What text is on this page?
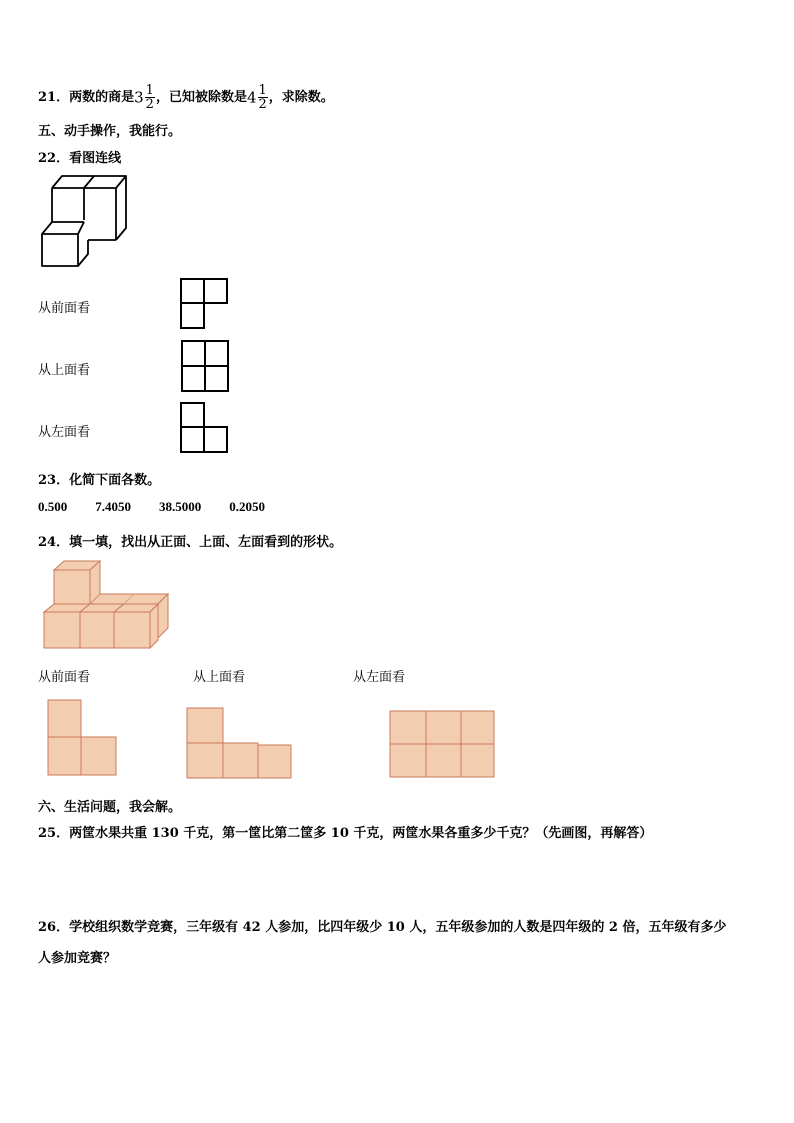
21．两数的商是$3 \frac{1}{2}$ ，已知被除数是$4 \frac{1}{2}$ ，求除数。
五、动手操作，我能行。
22．看图连线
从前面看
从上面看
从左面看
23．化简下面各数。
0.500 7.4050 38.5000 0.2050
24．填一填，找出从正面、上面、左面看到的形状。
从前面看	从上面看	从左面看
六、生活问题，我会解。
25．两筐水果共重 130 千克，第一筐比第二筐多 10 千克，两筐水果各重多少千克？（先画图，再解答）
26．学校组织数学竞赛，三年级有 42 人参加，比四年级少 10 人，五年级参加的人数是四年级的 2 倍，五年级有多少
人参加竞赛？
